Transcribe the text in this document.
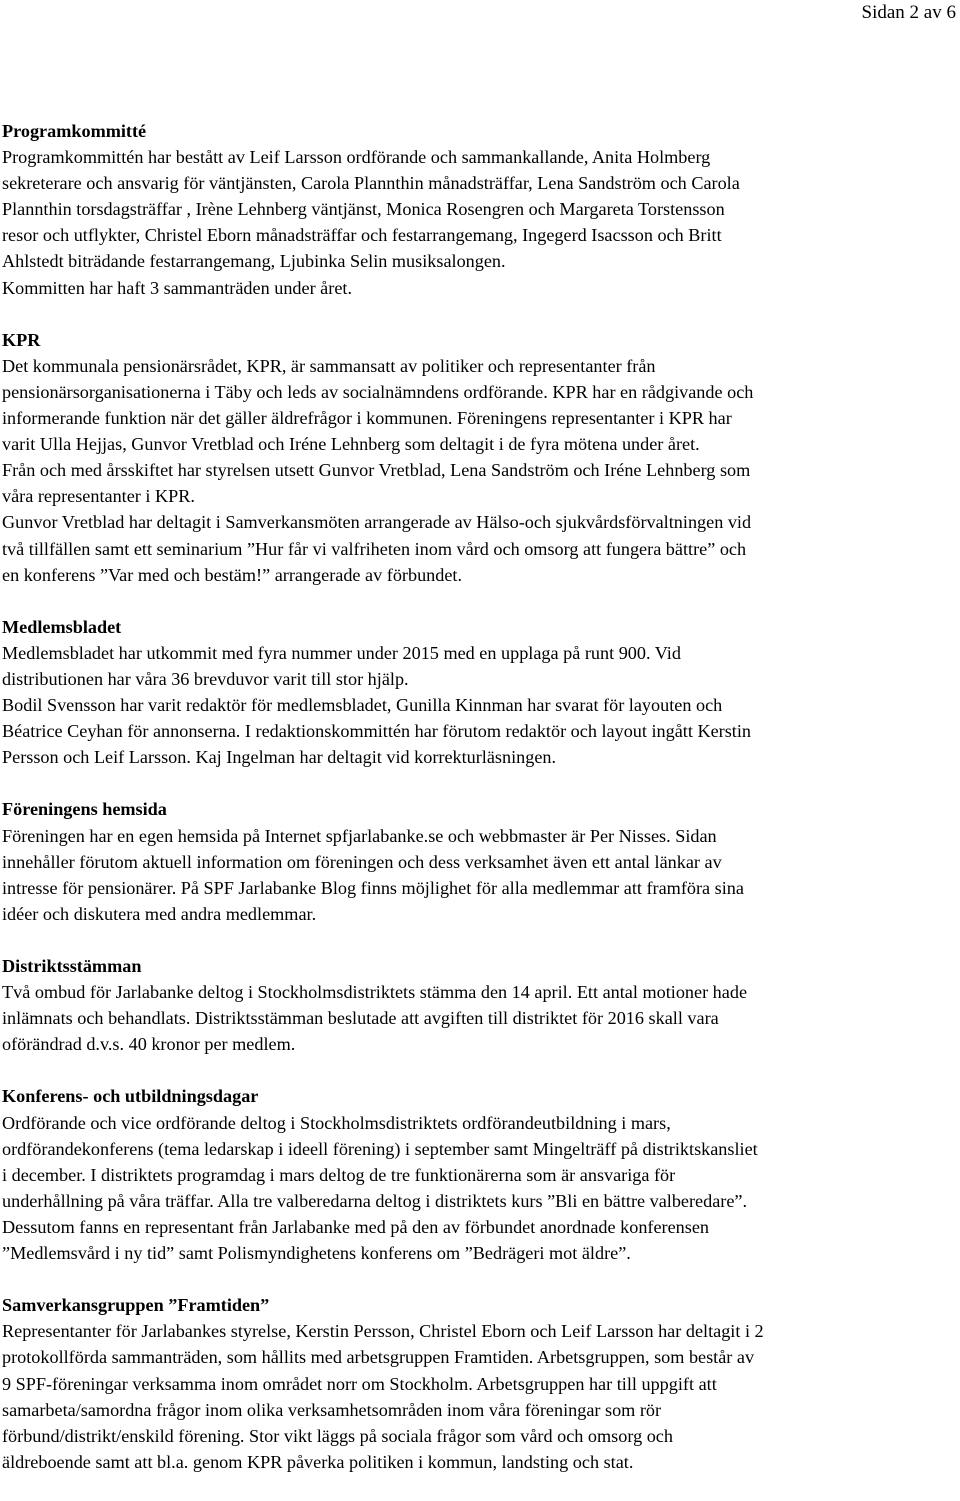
Sidan 2 av 6
Programkommitté
Programkommittén har bestått av Leif Larsson ordförande och sammankallande, Anita Holmberg
sekreterare och ansvarig för väntjänsten, Carola Plannthin månadsträffar, Lena Sandström och Carola
Plannthin torsdagsträffar , Irène Lehnberg väntjänst, Monica Rosengren och Margareta Torstensson
resor och utflykter, Christel Eborn månadsträffar och festarrangemang, Ingegerd Isacsson och Britt
Ahlstedt biträdande festarrangemang, Ljubinka Selin musiksalongen.
Kommitten har haft 3 sammanträden under året.
KPR
Det kommunala pensionärsrådet, KPR, är sammansatt av politiker och representanter från
pensionärsorganisationerna i Täby och leds av socialnämndens ordförande. KPR har en rådgivande och
informerande funktion när det gäller äldrefrågor i kommunen. Föreningens representanter i KPR har
varit Ulla Hejjas, Gunvor Vretblad och Iréne Lehnberg som deltagit i de fyra mötena under året.
Från och med årsskiftet har styrelsen utsett Gunvor Vretblad, Lena Sandström och Iréne Lehnberg som
våra representanter i KPR.
Gunvor Vretblad har deltagit i Samverkansmöten arrangerade av Hälso-och sjukvårdsförvaltningen vid
två tillfällen samt ett seminarium ”Hur får vi valfriheten inom vård och omsorg att fungera bättre” och
en konferens ”Var med och bestäm!” arrangerade av förbundet.
Medlemsbladet
Medlemsbladet har utkommit med fyra nummer under 2015 med en upplaga på runt 900. Vid
distributionen har våra 36 brevduvor varit till stor hjälp.
Bodil Svensson har varit redaktör för medlemsbladet, Gunilla Kinnman har svarat för layouten och
Béatrice Ceyhan för annonserna. I redaktionskommittén har förutom redaktör och layout ingått Kerstin
Persson och Leif Larsson. Kaj Ingelman har deltagit vid korrekturläsningen.
Föreningens hemsida
Föreningen har en egen hemsida på Internet spfjarlabanke.se och webbmaster är Per Nisses. Sidan
innehåller förutom aktuell information om föreningen och dess verksamhet även ett antal länkar av
intresse för pensionärer. På SPF Jarlabanke Blog finns möjlighet för alla medlemmar att framföra sina
idéer och diskutera med andra medlemmar.
Distriktsstämman
Två ombud för Jarlabanke deltog i Stockholmsdistriktets stämma den 14 april. Ett antal motioner hade
inlämnats och behandlats. Distriktsstämman beslutade att avgiften till distriktet för 2016 skall vara
oförändrad d.v.s. 40 kronor per medlem.
Konferens- och utbildningsdagar
Ordförande och vice ordförande deltog i Stockholmsdistriktets ordförandeutbildning i mars,
ordförandekonferens (tema ledarskap i ideell förening) i september samt Mingelträff på distriktskansliet
i december. I distriktets programdag i mars deltog de tre funktionärerna som är ansvariga för
underhållning på våra träffar. Alla tre valberedarna deltog i distriktets kurs ”Bli en bättre valberedare”.
Dessutom fanns en representant från Jarlabanke med på den av förbundet anordnade konferensen
”Medlemsvård i ny tid” samt Polismyndighetens konferens om ”Bedrägeri mot äldre”.
Samverkansgruppen ”Framtiden”
Representanter för Jarlabankes styrelse, Kerstin Persson, Christel Eborn och Leif Larsson har deltagit i 2
protokollförda sammanträden, som hållits med arbetsgruppen Framtiden. Arbetsgruppen, som består av
9 SPF-föreningar verksamma inom området norr om Stockholm. Arbetsgruppen har till uppgift att
samarbeta/samordna frågor inom olika verksamhetsområden inom våra föreningar som rör
förbund/distrikt/enskild förening. Stor vikt läggs på sociala frågor som vård och omsorg och
äldreboende samt att bl.a. genom KPR påverka politiken i kommun, landsting och stat.
